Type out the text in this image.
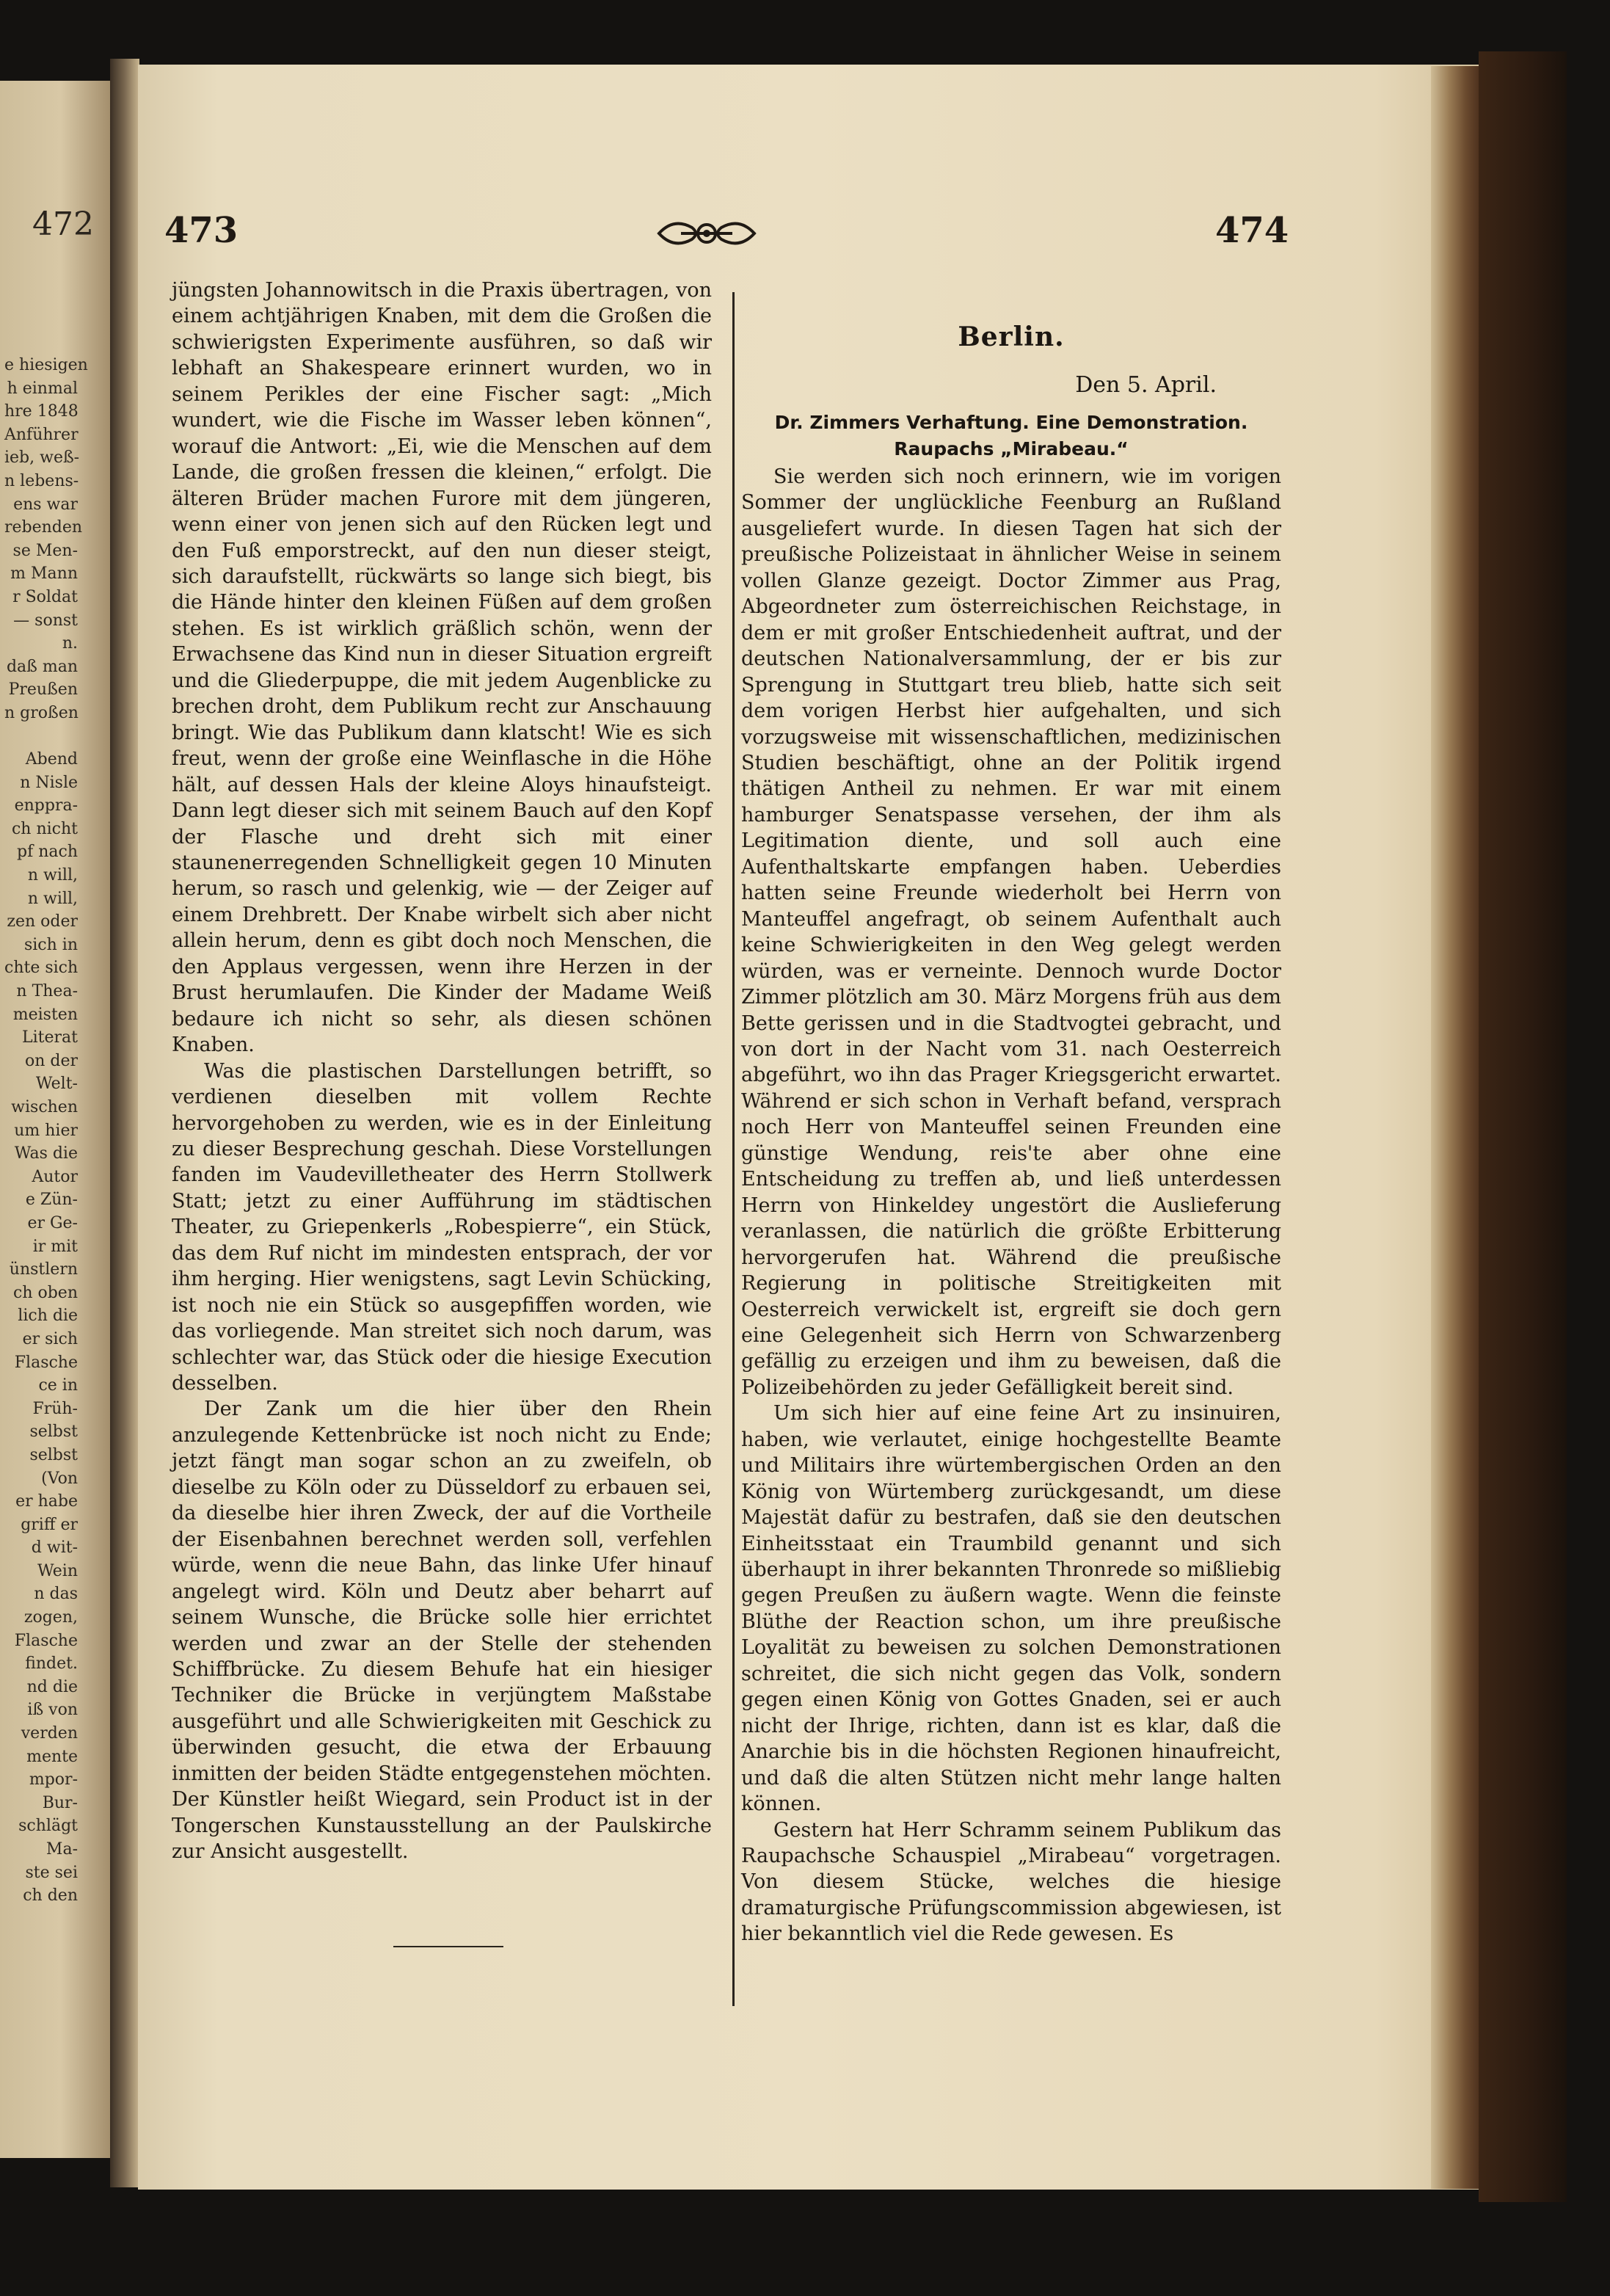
472
e hiesigen
h einmal
hre 1848
Anführer
ieb, weß-
n lebens-
ens war
rebenden
se Men-
m Mann
r Soldat
— sonst
n.
daß man
Preußen
n großen

Abend
n Nisle
enppra-
ch nicht
pf nach
n will,
n will,
zen oder
sich in
chte sich
n Thea-
meisten
Literat
on der
Welt-
wischen
um hier
Was die
Autor
e Zün-
er Ge-
ir mit
ünstlern
ch oben
lich die
er sich
Flasche
ce in
Früh-
selbst
selbst
(Von
er habe
griff er
d wit-
Wein
n das
zogen,
Flasche
findet.
nd die
iß von
verden
mente
mpor-
Bur-
schlägt
Ma-
ste sei
ch den
473	474

jüngsten Johannowitsch in die Praxis übertragen, von einem achtjährigen Knaben, mit dem die Großen die schwierigsten Experimente ausführen, so daß wir lebhaft an Shakespeare erinnert wurden, wo in seinem Perikles der eine Fischer sagt: „Mich wundert, wie die Fische im Wasser leben können“, worauf die Antwort: „Ei, wie die Menschen auf dem Lande, die großen fressen die kleinen,“ erfolgt. Die älteren Brüder machen Furore mit dem jüngeren, wenn einer von jenen sich auf den Rücken legt und den Fuß emporstreckt, auf den nun dieser steigt, sich daraufstellt, rückwärts so lange sich biegt, bis die Hände hinter den kleinen Füßen auf dem großen stehen. Es ist wirklich gräßlich schön, wenn der Erwachsene das Kind nun in dieser Situation ergreift und die Gliederpuppe, die mit jedem Augenblicke zu brechen droht, dem Publikum recht zur Anschauung bringt. Wie das Publikum dann klatscht! Wie es sich freut, wenn der große eine Weinflasche in die Höhe hält, auf dessen Hals der kleine Aloys hinaufsteigt. Dann legt dieser sich mit seinem Bauch auf den Kopf der Flasche und dreht sich mit einer staunenerregenden Schnelligkeit gegen 10 Minuten herum, so rasch und gelenkig, wie — der Zeiger auf einem Drehbrett. Der Knabe wirbelt sich aber nicht allein herum, denn es gibt doch noch Menschen, die den Applaus vergessen, wenn ihre Herzen in der Brust herumlaufen. Die Kinder der Madame Weiß bedaure ich nicht so sehr, als diesen schönen Knaben.

Was die plastischen Darstellungen betrifft, so verdienen dieselben mit vollem Rechte hervorgehoben zu werden, wie es in der Einleitung zu dieser Besprechung geschah. Diese Vorstellungen fanden im Vaudevilletheater des Herrn Stollwerk Statt; jetzt zu einer Aufführung im städtischen Theater, zu Griepenkerls „Robespierre“, ein Stück, das dem Ruf nicht im mindesten entsprach, der vor ihm herging. Hier wenigstens, sagt Levin Schücking, ist noch nie ein Stück so ausgepfiffen worden, wie das vorliegende. Man streitet sich noch darum, was schlechter war, das Stück oder die hiesige Execution desselben.

Der Zank um die hier über den Rhein anzulegende Kettenbrücke ist noch nicht zu Ende; jetzt fängt man sogar schon an zu zweifeln, ob dieselbe zu Köln oder zu Düsseldorf zu erbauen sei, da dieselbe hier ihren Zweck, der auf die Vortheile der Eisenbahnen berechnet werden soll, verfehlen würde, wenn die neue Bahn, das linke Ufer hinauf angelegt wird. Köln und Deutz aber beharrt auf seinem Wunsche, die Brücke solle hier errichtet werden und zwar an der Stelle der stehenden Schiffbrücke. Zu diesem Behufe hat ein hiesiger Techniker die Brücke in verjüngtem Maßstabe ausgeführt und alle Schwierigkeiten mit Geschick zu überwinden gesucht, die etwa der Erbauung inmitten der beiden Städte entgegenstehen möchten. Der Künstler heißt Wiegard, sein Product ist in der Tongerschen Kunstausstellung an der Paulskirche zur Ansicht ausgestellt.

Berlin.
Den 5. April.
Dr. Zimmers Verhaftung. Eine Demonstration. Raupachs „Mirabeau.“

Sie werden sich noch erinnern, wie im vorigen Sommer der unglückliche Feenburg an Rußland ausgeliefert wurde. In diesen Tagen hat sich der preußische Polizeistaat in ähnlicher Weise in seinem vollen Glanze gezeigt. Doctor Zimmer aus Prag, Abgeordneter zum österreichischen Reichstage, in dem er mit großer Entschiedenheit auftrat, und der deutschen Nationalversammlung, der er bis zur Sprengung in Stuttgart treu blieb, hatte sich seit dem vorigen Herbst hier aufgehalten, und sich vorzugsweise mit wissenschaftlichen, medizinischen Studien beschäftigt, ohne an der Politik irgend thätigen Antheil zu nehmen. Er war mit einem hamburger Senatspasse versehen, der ihm als Legitimation diente, und soll auch eine Aufenthaltskarte empfangen haben. Ueberdies hatten seine Freunde wiederholt bei Herrn von Manteuffel angefragt, ob seinem Aufenthalt auch keine Schwierigkeiten in den Weg gelegt werden würden, was er verneinte. Dennoch wurde Doctor Zimmer plötzlich am 30. März Morgens früh aus dem Bette gerissen und in die Stadtvogtei gebracht, und von dort in der Nacht vom 31. nach Oesterreich abgeführt, wo ihn das Prager Kriegsgericht erwartet. Während er sich schon in Verhaft befand, versprach noch Herr von Manteuffel seinen Freunden eine günstige Wendung, reis'te aber ohne eine Entscheidung zu treffen ab, und ließ unterdessen Herrn von Hinkeldey ungestört die Auslieferung veranlassen, die natürlich die größte Erbitterung hervorgerufen hat. Während die preußische Regierung in politische Streitigkeiten mit Oesterreich verwickelt ist, ergreift sie doch gern eine Gelegenheit sich Herrn von Schwarzenberg gefällig zu erzeigen und ihm zu beweisen, daß die Polizeibehörden zu jeder Gefälligkeit bereit sind.

Um sich hier auf eine feine Art zu insinuiren, haben, wie verlautet, einige hochgestellte Beamte und Militairs ihre würtembergischen Orden an den König von Würtemberg zurückgesandt, um diese Majestät dafür zu bestrafen, daß sie den deutschen Einheitsstaat ein Traumbild genannt und sich überhaupt in ihrer bekannten Thronrede so mißliebig gegen Preußen zu äußern wagte. Wenn die feinste Blüthe der Reaction schon, um ihre preußische Loyalität zu beweisen zu solchen Demonstrationen schreitet, die sich nicht gegen das Volk, sondern gegen einen König von Gottes Gnaden, sei er auch nicht der Ihrige, richten, dann ist es klar, daß die Anarchie bis in die höchsten Regionen hinaufreicht, und daß die alten Stützen nicht mehr lange halten können.

Gestern hat Herr Schramm seinem Publikum das Raupachsche Schauspiel „Mirabeau“ vorgetragen. Von diesem Stücke, welches die hiesige dramaturgische Prüfungscommission abgewiesen, ist hier bekanntlich viel die Rede gewesen. Es
